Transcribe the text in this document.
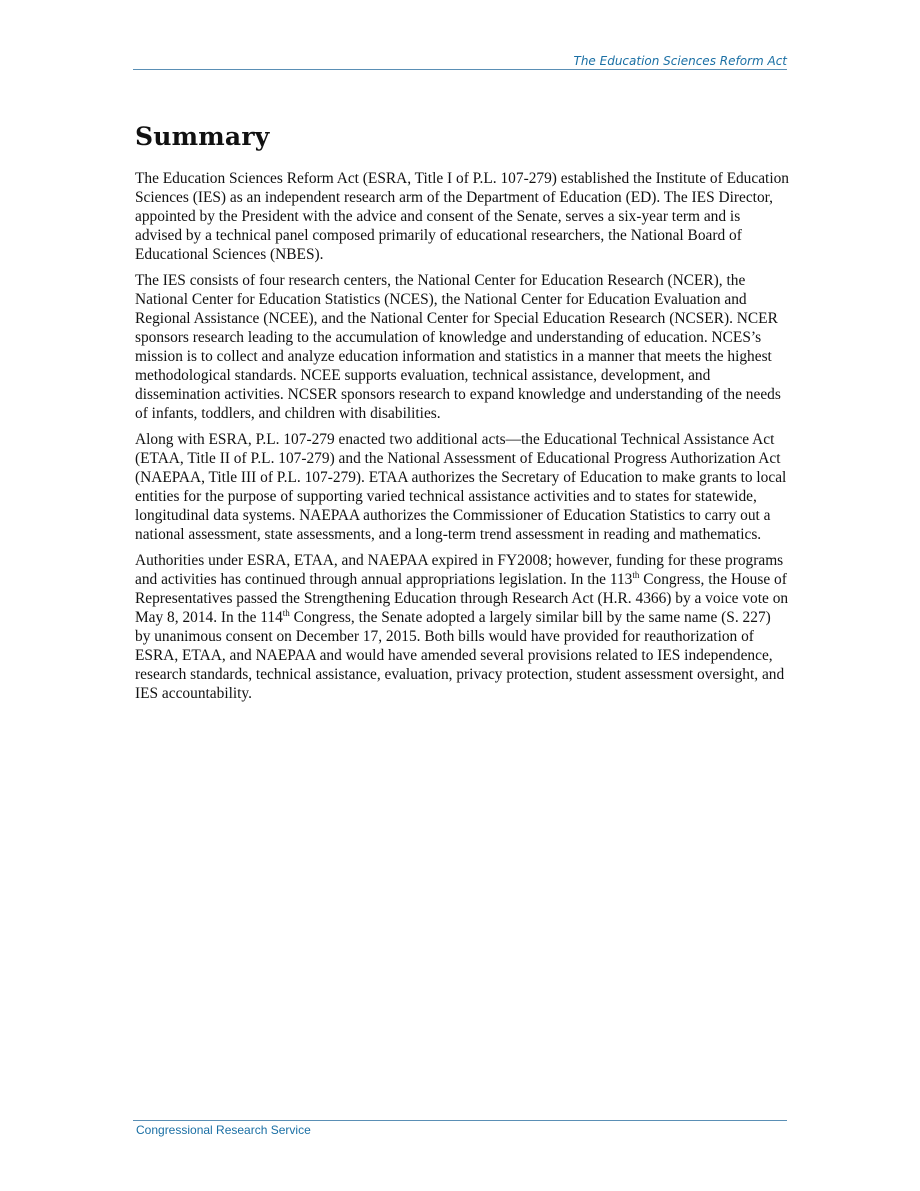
The Education Sciences Reform Act
Summary

The Education Sciences Reform Act (ESRA, Title I of P.L. 107-279) established the Institute of Education Sciences (IES) as an independent research arm of the Department of Education (ED). The IES Director, appointed by the President with the advice and consent of the Senate, serves a six-year term and is advised by a technical panel composed primarily of educational researchers, the National Board of Educational Sciences (NBES).

The IES consists of four research centers, the National Center for Education Research (NCER), the National Center for Education Statistics (NCES), the National Center for Education Evaluation and Regional Assistance (NCEE), and the National Center for Special Education Research (NCSER). NCER sponsors research leading to the accumulation of knowledge and understanding of education. NCES’s mission is to collect and analyze education information and statistics in a manner that meets the highest methodological standards. NCEE supports evaluation, technical assistance, development, and dissemination activities. NCSER sponsors research to expand knowledge and understanding of the needs of infants, toddlers, and children with disabilities.

Along with ESRA, P.L. 107-279 enacted two additional acts—the Educational Technical Assistance Act (ETAA, Title II of P.L. 107-279) and the National Assessment of Educational Progress Authorization Act (NAEPAA, Title III of P.L. 107-279). ETAA authorizes the Secretary of Education to make grants to local entities for the purpose of supporting varied technical assistance activities and to states for statewide, longitudinal data systems. NAEPAA authorizes the Commissioner of Education Statistics to carry out a national assessment, state assessments, and a long-term trend assessment in reading and mathematics.

Authorities under ESRA, ETAA, and NAEPAA expired in FY2008; however, funding for these programs and activities has continued through annual appropriations legislation. In the 113th Congress, the House of Representatives passed the Strengthening Education through Research Act (H.R. 4366) by a voice vote on May 8, 2014. In the 114th Congress, the Senate adopted a largely similar bill by the same name (S. 227) by unanimous consent on December 17, 2015. Both bills would have provided for reauthorization of ESRA, ETAA, and NAEPAA and would have amended several provisions related to IES independence, research standards, technical assistance, evaluation, privacy protection, student assessment oversight, and IES accountability.

Congressional Research Service
